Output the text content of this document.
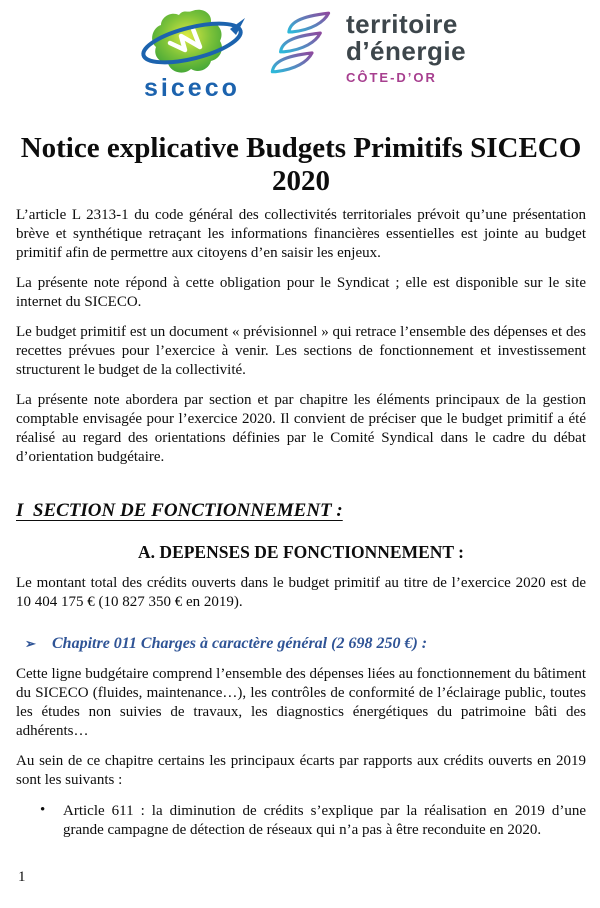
siceco
territoire
d’énergie
CÔTE-D’OR
Notice explicative Budgets Primitifs SICECO
2020

L’article L 2313-1 du code général des collectivités territoriales prévoit qu’une présentation brève et synthétique retraçant les informations financières essentielles est jointe au budget primitif afin de permettre aux citoyens d’en saisir les enjeux.

La présente note répond à cette obligation pour le Syndicat ; elle est disponible sur le site internet du SICECO.

Le budget primitif est un document « prévisionnel » qui retrace l’ensemble des dépenses et des recettes prévues pour l’exercice à venir. Les sections de fonctionnement et investissement structurent le budget de la collectivité.

La présente note abordera par section et par chapitre les éléments principaux de la gestion comptable envisagée pour l’exercice 2020. Il convient de préciser que le budget primitif a été réalisé au regard des orientations définies par le Comité Syndical dans le cadre du débat d’orientation budgétaire.

I  SECTION DE FONCTIONNEMENT :
A. DEPENSES DE FONCTIONNEMENT :

Le montant total des crédits ouverts dans le budget primitif au titre de l’exercice 2020 est de 10 404 175 € (10 827 350 € en 2019).

➢	Chapitre 011 Charges à caractère général (2 698 250 €) :

Cette ligne budgétaire comprend l’ensemble des dépenses liées au fonctionnement du bâtiment du SICECO (fluides, maintenance…), les contrôles de conformité de l’éclairage public, toutes les études non suivies de travaux, les diagnostics énergétiques du patrimoine bâti des adhérents…

Au sein de ce chapitre certains les principaux écarts par rapports aux crédits ouverts en 2019 sont les suivants :

• Article 611 : la diminution de crédits s’explique par la réalisation en 2019 d’une grande campagne de détection de réseaux qui n’a pas à être reconduite en 2020.
1
